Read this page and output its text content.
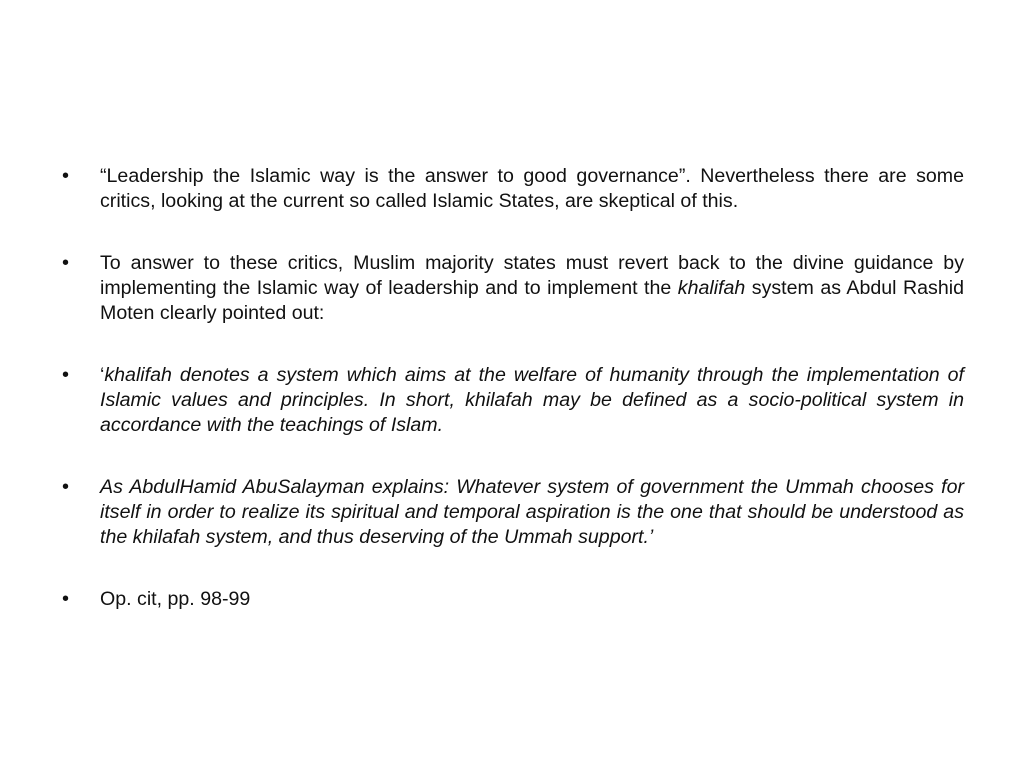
•	“Leadership the Islamic way is the answer to good governance”. Nevertheless there are some critics, looking at the current so called Islamic States, are skeptical of this.
•	To answer to these critics, Muslim majority states must revert back to the divine guidance by implementing the Islamic way of leadership and to implement the khalifah system as Abdul Rashid Moten clearly pointed out:
•	‘khalifah denotes a system which aims at the welfare of humanity through the implementation of Islamic values and principles. In short, khilafah may be defined as a socio-political system in accordance with the teachings of Islam.
•	As AbdulHamid AbuSalayman explains: Whatever system of government the Ummah chooses for itself in order to realize its spiritual and temporal aspiration is the one that should be understood as the khilafah system, and thus deserving of the Ummah support.’
•	Op. cit, pp. 98-99
